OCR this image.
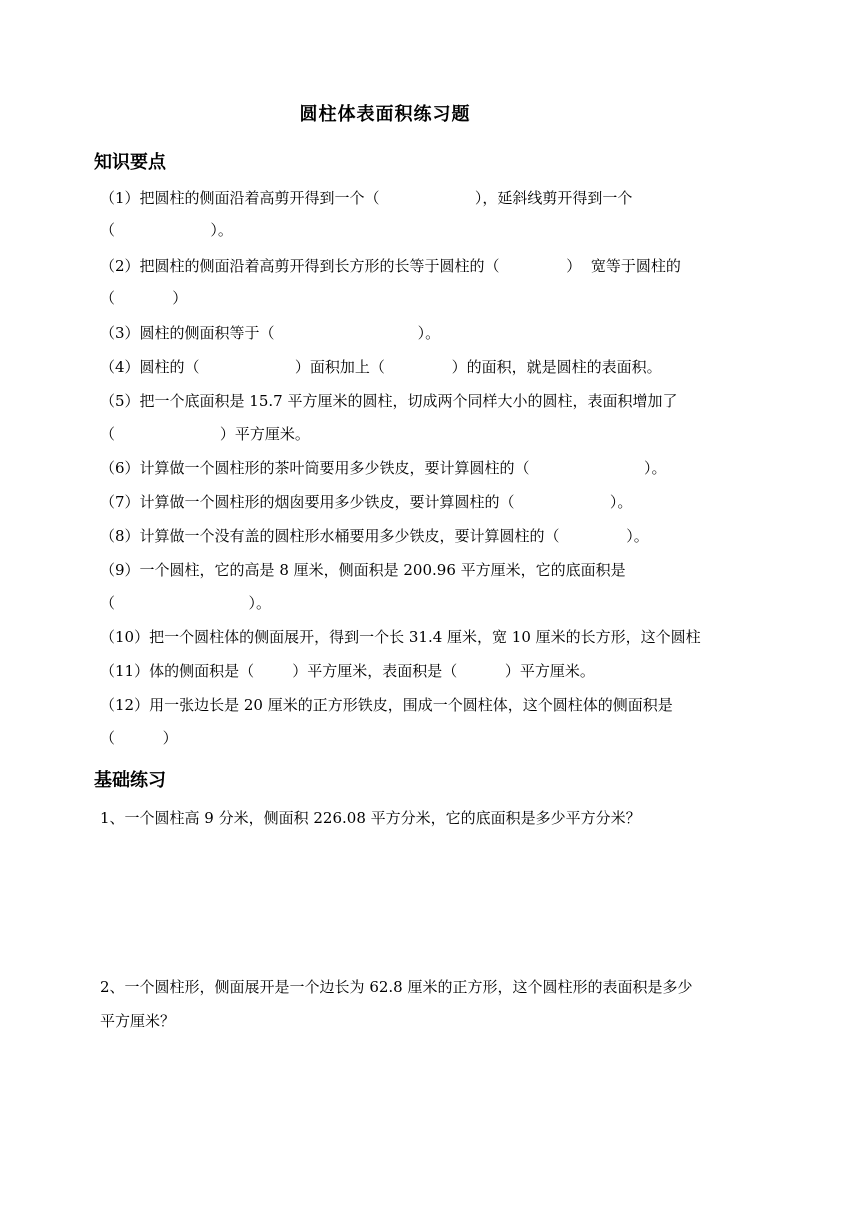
圆柱体表面积练习题
知识要点
（1）把圆柱的侧面沿着高剪开得到一个（                    ），延斜线剪开得到一个
（                    ）。
（2）把圆柱的侧面沿着高剪开得到长方形的长等于圆柱的（              ）  宽等于圆柱的
（            ）
（3）圆柱的侧面积等于（                              ）。
（4）圆柱的（                    ）面积加上（              ）的面积，就是圆柱的表面积。
（5）把一个底面积是 15.7 平方厘米的圆柱，切成两个同样大小的圆柱，表面积增加了
（                      ）平方厘米。
（6）计算做一个圆柱形的茶叶筒要用多少铁皮，要计算圆柱的（                        ）。
（7）计算做一个圆柱形的烟囱要用多少铁皮，要计算圆柱的（                    ）。
（8）计算做一个没有盖的圆柱形水桶要用多少铁皮，要计算圆柱的（              ）。
（9）一个圆柱，它的高是 8 厘米，侧面积是 200.96 平方厘米，它的底面积是
（                            ）。
（10）把一个圆柱体的侧面展开，得到一个长 31.4 厘米，宽 10 厘米的长方形，这个圆柱
（11）体的侧面积是（        ）平方厘米，表面积是（          ）平方厘米。
（12）用一张边长是 20 厘米的正方形铁皮，围成一个圆柱体，这个圆柱体的侧面积是
（          ）
基础练习
1、一个圆柱高 9 分米，侧面积 226.08 平方分米，它的底面积是多少平方分米？
2、一个圆柱形，侧面展开是一个边长为 62.8 厘米的正方形，这个圆柱形的表面积是多少
平方厘米？
